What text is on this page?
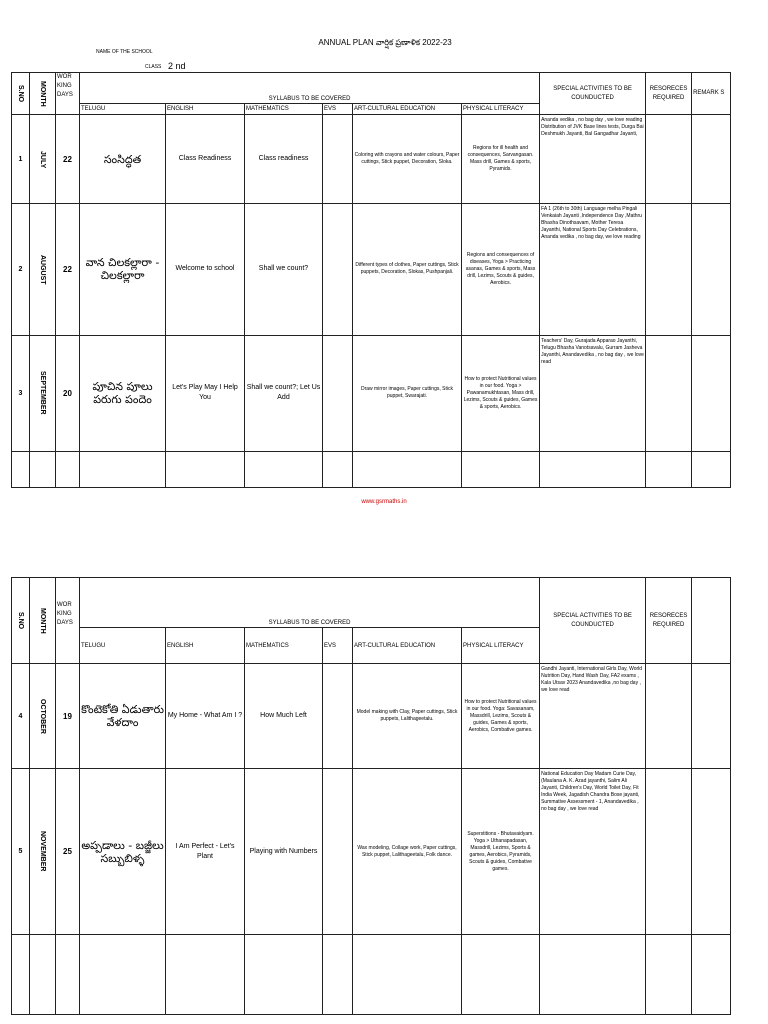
ANNUAL PLAN వార్షిక ప్రణాళిక 2022-23
NAME OF THE SCHOOL
CLASS 2 nd
S.NO	MONTH	WOR KING DAYS	SYLLABUS TO BE COVERED						SPECIAL ACTIVITIES TO BE COUNDUCTED	RESORECES REQUIRED	REMARK S
			TELUGU	ENGLISH	MATHEMATICS	EVS	ART-CULTURAL EDUCATION	PHYSICAL LITERACY			
1	JULY	22	సంసిద్ధత	Class Readiness	Class readiness		Coloring with crayons and water colours, Paper cuttings, Stick puppet, Decoration, Sloka.	Regions for ill health and consequences, Sarvangasan. Mass drill, Games & sports, Pyramids.	Ananda vedika , no bag day , we love reading Distribution of JVK Base lines tests, Durga Bai Deshmukh Jayanti, Bal Gangadhar Jayanti,		
2	AUGUST	22	వాన చిలకల్లారా - చిలకల్లారా	Welcome to school	Shall we count?		Different types of clothes, Paper cuttings, Stick puppets, Decoration, Slokas, Pushpanjali.	Regions and consequences of diseases, Yoga > Practicing asanas, Games & sports, Mass drill, Lezims, Scouts & guides, Aerobics.	FA 1 (26th to 30th) Language melha Pingali Venkaiah Jayanti ,Independence Day ,Mathru Bhasha Dinothsavam, Mother Teresa Jayanthi, National Sports Day Celebrations, Ananda vedika , no bag day, we love reading		
3	SEPTEMBER	20	పూచిన పూలు పరుగు పందెం	Let's Play May I Help You	Shall we count?; Let Us Add		Draw mirror images, Paper cuttings, Stick puppet, Swarajati.	How to protect Nutritional values in our food. Yoga > Pawanamukhtasan, Mass drill, Lezims, Scouts & guides, Games & sports, Aerobics.	Teachers' Day, Gurajada Apparao Jayanthi, Telugu Bhasha Vanotsavalu, Gurram Jasheva Jayanthi, Anandavedika , no bag day , we love read		

www.gsrmaths.in
S.NO	MONTH	WOR KING DAYS	SYLLABUS TO BE COVERED						SPECIAL ACTIVITIES TO BE COUNDUCTED	RESORECES REQUIRED	
			TELUGU	ENGLISH	MATHEMATICS	EVS	ART-CULTURAL EDUCATION	PHYSICAL LITERACY			
4	OCTOBER	19	కొంటెకోతి ఏడుతారు వేళదాం	My Home - What Am I ?	How Much Left		Model making with Clay, Paper cuttings, Stick puppets, Lalithageetalu.	How to protect Nutritional values in our food. Yoga: Savasanam, Massdrill, Lezims, Scouts & guides, Games & sports, Aerobics, Combative games.	Gandhi Jayanti, International Girls Day, World Nutrition Day, Hand Wash Day, FA2 exams , Kala Utsav 2023 Anandavedika ,no bag day , we love read		
5	NOVEMBER	25	అప్పడాలు - బజ్జీలు సబ్బుబిళ్ళ	I Am Perfect - Let's Plant	Playing with Numbers		Wax modeling, Collage work, Paper cuttings, Stick puppet, Lalithageetalu, Folk dance.	Superstitions - Bhutavaidyam. Yoga > Uthanapadasan, Massdrill, Lezims, Sports & games, Aerobics, Pyramids, Scouts & guides, Combative games.	National Education Day Madam Curie Day, (Maulana A. K. Azad jayanthi, Salim Ali Jayanti, Children's Day, World Toilet Day, Fit India Week, Jagadish Chandra Bose jayanti, Summative Assessment - 1, Anandavedika , no bag day , we love read		
